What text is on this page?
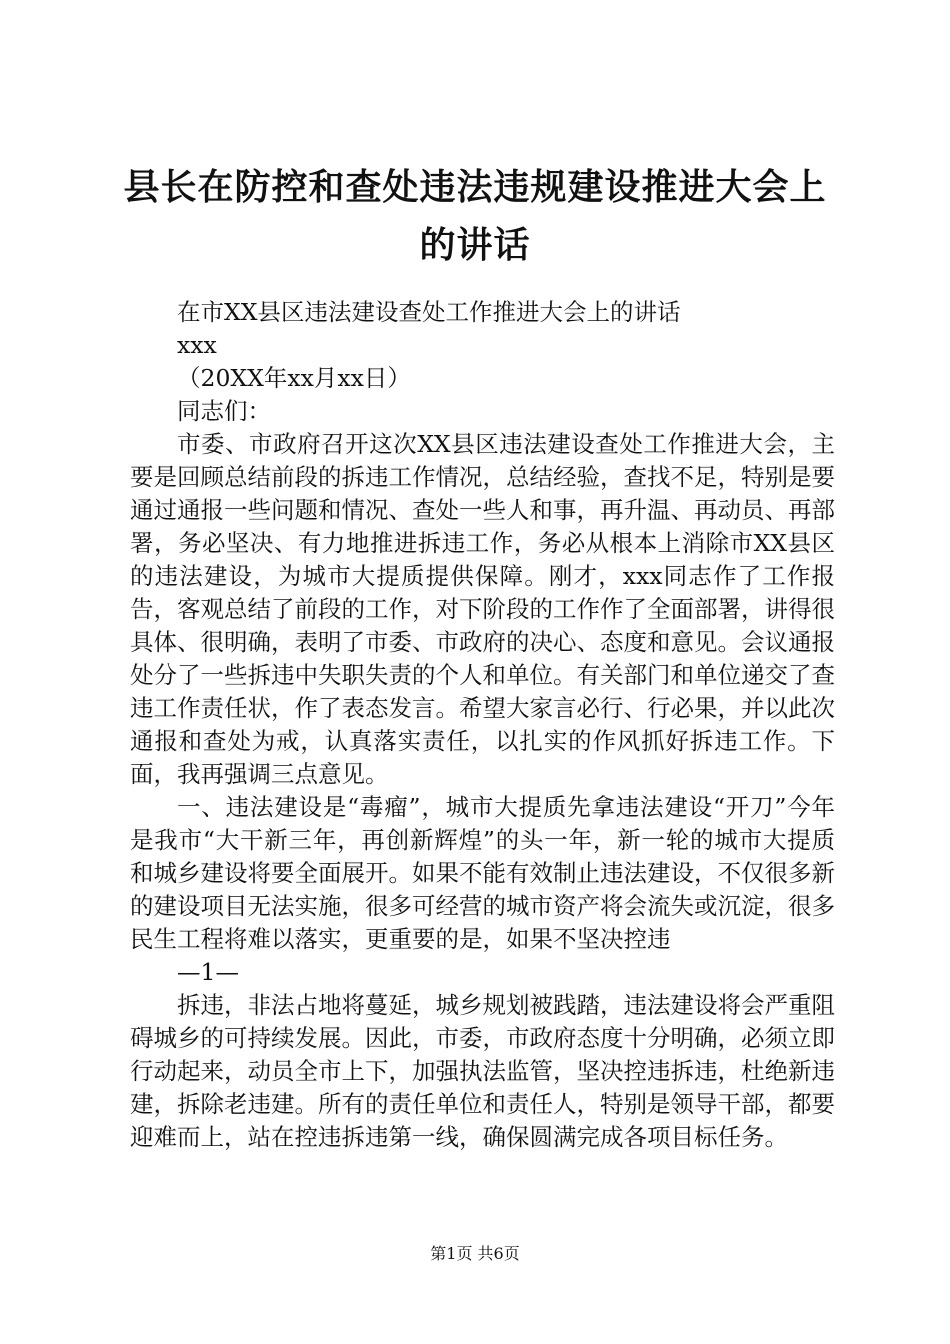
县长在防控和查处违法违规建设推进大会上的讲话

在市XX县区违法建设查处工作推进大会上的讲话

xxx

（20XX年xx月xx日）

同志们：

市委、市政府召开这次XX县区违法建设查处工作推进大会，主要是回顾总结前段的拆违工作情况，总结经验，查找不足，特别是要通过通报一些问题和情况、查处一些人和事，再升温、再动员、再部署，务必坚决、有力地推进拆违工作，务必从根本上消除市XX县区的违法建设，为城市大提质提供保障。刚才，xxx同志作了工作报告，客观总结了前段的工作，对下阶段的工作作了全面部署，讲得很具体、很明确，表明了市委、市政府的决心、态度和意见。会议通报处分了一些拆违中失职失责的个人和单位。有关部门和单位递交了查违工作责任状，作了表态发言。希望大家言必行、行必果，并以此次通报和查处为戒，认真落实责任，以扎实的作风抓好拆违工作。下面，我再强调三点意见。

一、违法建设是“毒瘤”，城市大提质先拿违法建设“开刀”今年是我市“大干新三年，再创新辉煌”的头一年，新一轮的城市大提质和城乡建设将要全面展开。如果不能有效制止违法建设，不仅很多新的建设项目无法实施，很多可经营的城市资产将会流失或沉淀，很多民生工程将难以落实，更重要的是，如果不坚决控违

—1—

拆违，非法占地将蔓延，城乡规划被践踏，违法建设将会严重阻碍城乡的可持续发展。因此，市委，市政府态度十分明确，必须立即行动起来，动员全市上下，加强执法监管，坚决控违拆违，杜绝新违建，拆除老违建。所有的责任单位和责任人，特别是领导干部，都要迎难而上，站在控违拆违第一线，确保圆满完成各项目标任务。

第1页 共6页
